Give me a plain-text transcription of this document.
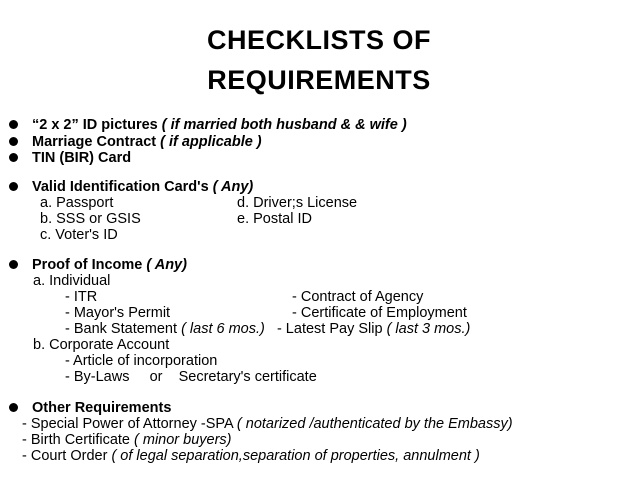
CHECKLISTS OF
REQUIREMENTS
“2 x 2” ID pictures ( if married both husband & & wife )
Marriage Contract ( if applicable )
TIN (BIR) Card
Valid Identification Card's ( Any)
a. Passport	d. Driver;s License
b. SSS or GSIS	e. Postal ID
c. Voter's ID
Proof of Income ( Any)
a. Individual
- ITR	- Contract of Agency
- Mayor's Permit	- Certificate of Employment
- Bank Statement ( last 6 mos.) - Latest Pay Slip ( last 3 mos.)
b. Corporate Account
- Article of incorporation
- By-Laws     or    Secretary's certificate
Other Requirements
- Special Power of Attorney -SPA ( notarized /authenticated by the Embassy)
- Birth Certificate ( minor buyers)
- Court Order ( of legal separation,separation of properties, annulment )
